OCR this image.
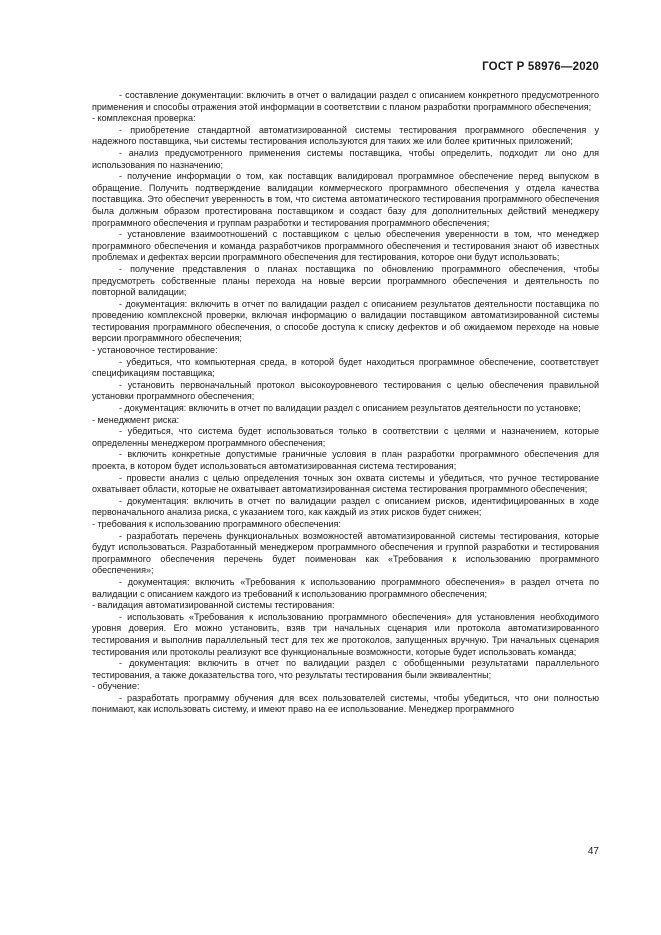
ГОСТ Р 58976—2020

- составление документации: включить в отчет о валидации раздел с описанием конкретного предусмотренного применения и способы отражения этой информации в соответствии с планом разработки программного обеспечения;

- комплексная проверка:

- приобретение стандартной автоматизированной системы тестирования программного обеспечения у надежного поставщика, чьи системы тестирования используются для таких же или более критичных приложений;

- анализ предусмотренного применения системы поставщика, чтобы определить, подходит ли оно для использования по назначению;

- получение информации о том, как поставщик валидировал программное обеспечение перед выпуском в обращение. Получить подтверждение валидации коммерческого программного обеспечения у отдела качества поставщика. Это обеспечит уверенность в том, что система автоматического тестирования программного обеспечения была должным образом протестирована поставщиком и создаст базу для дополнительных действий менеджеру программного обеспечения и группам разработки и тестирования программного обеспечения;

- установление взаимоотношений с поставщиком с целью обеспечения уверенности в том, что менеджер программного обеспечения и команда разработчиков программного обеспечения и тестирования знают об известных проблемах и дефектах версии программного обеспечения для тестирования, которое они будут использовать;

- получение представления о планах поставщика по обновлению программного обеспечения, чтобы предусмотреть собственные планы перехода на новые версии программного обеспечения и деятельность по повторной валидации;

- документация: включить в отчет по валидации раздел с описанием результатов деятельности поставщика по проведению комплексной проверки, включая информацию о валидации поставщиком автоматизированной системы тестирования программного обеспечения, о способе доступа к списку дефектов и об ожидаемом переходе на новые версии программного обеспечения;

- установочное тестирование:

- убедиться, что компьютерная среда, в которой будет находиться программное обеспечение, соответствует спецификациям поставщика;

- установить первоначальный протокол высокоуровневого тестирования с целью обеспечения правильной установки программного обеспечения;

- документация: включить в отчет по валидации раздел с описанием результатов деятельности по установке;

- менеджмент риска:

- убедиться, что система будет использоваться только в соответствии с целями и назначением, которые определенны менеджером программного обеспечения;

- включить конкретные допустимые граничные условия в план разработки программного обеспечения для проекта, в котором будет использоваться автоматизированная система тестирования;

- провести анализ с целью определения точных зон охвата системы и убедиться, что ручное тестирование охватывает области, которые не охватывает автоматизированная система тестирования программного обеспечения;

- документация: включить в отчет по валидации раздел с описанием рисков, идентифицированных в ходе первоначального анализа риска, с указанием того, как каждый из этих рисков будет снижен;

- требования к использованию программного обеспечения:

- разработать перечень функциональных возможностей автоматизированной системы тестирования, которые будут использоваться. Разработанный менеджером программного обеспечения и группой разработки и тестирования программного обеспечения перечень будет поименован как «Требования к использованию программного обеспечения»;

- документация: включить «Требования к использованию программного обеспечения» в раздел отчета по валидации с описанием каждого из требований к использованию программного обеспечения;

- валидация автоматизированной системы тестирования:

- использовать «Требования к использованию программного обеспечения» для установления необходимого уровня доверия. Его можно установить, взяв три начальных сценария или протокола автоматизированного тестирования и выполнив параллельный тест для тех же протоколов, запущенных вручную. Три начальных сценария тестирования или протоколы реализуют все функциональные возможности, которые будет использовать команда;

- документация: включить в отчет по валидации раздел с обобщенными результатами параллельного тестирования, а также доказательства того, что результаты тестирования были эквивалентны;

- обучение:

- разработать программу обучения для всех пользователей системы, чтобы убедиться, что они полностью понимают, как использовать систему, и имеют право на ее использование. Менеджер программного

47
